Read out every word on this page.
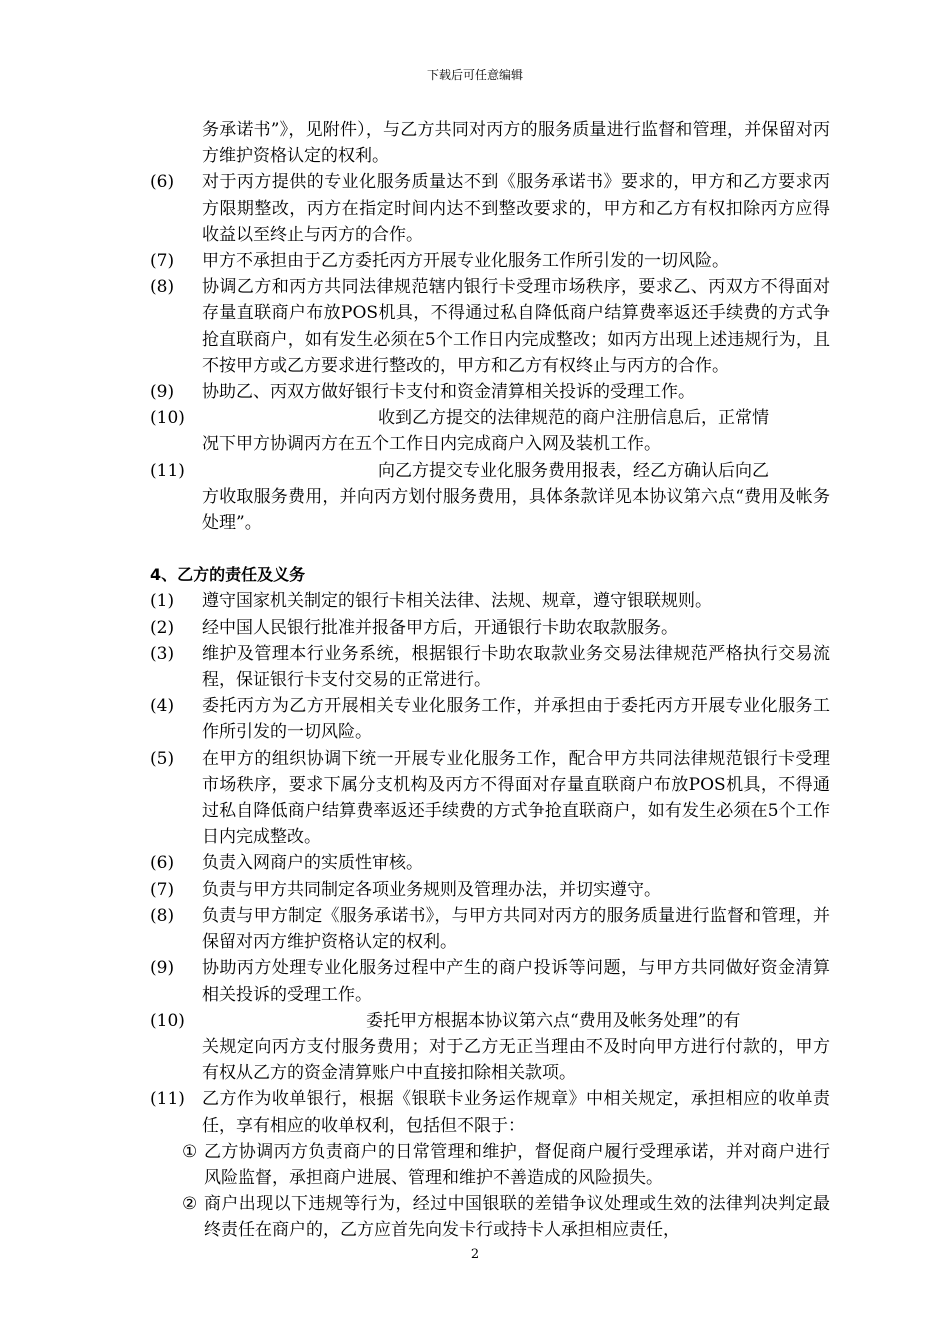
下载后可任意编辑
务承诺书”》，见附件），与乙方共同对丙方的服务质量进行监督和管理，并保留对丙方维护资格认定的权利。
(6)	对于丙方提供的专业化服务质量达不到《服务承诺书》要求的，甲方和乙方要求丙方限期整改，丙方在指定时间内达不到整改要求的，甲方和乙方有权扣除丙方应得收益以至终止与丙方的合作。
(7)	甲方不承担由于乙方委托丙方开展专业化服务工作所引发的一切风险。
(8)	协调乙方和丙方共同法律规范辖内银行卡受理市场秩序，要求乙、丙双方不得面对存量直联商户布放POS机具，不得通过私自降低商户结算费率返还手续费的方式争抢直联商户，如有发生必须在5个工作日内完成整改；如丙方出现上述违规行为，且不按甲方或乙方要求进行整改的，甲方和乙方有权终止与丙方的合作。
(9)	协助乙、丙双方做好银行卡支付和资金清算相关投诉的受理工作。
(10)	收到乙方提交的法律规范的商户注册信息后，正常情
况下甲方协调丙方在五个工作日内完成商户入网及装机工作。
(11)	向乙方提交专业化服务费用报表，经乙方确认后向乙
方收取服务费用，并向丙方划付服务费用，具体条款详见本协议第六点“费用及帐务处理”。
4、乙方的责任及义务
(1)	遵守国家机关制定的银行卡相关法律、法规、规章，遵守银联规则。
(2)	经中国人民银行批准并报备甲方后，开通银行卡助农取款服务。
(3)	维护及管理本行业务系统，根据银行卡助农取款业务交易法律规范严格执行交易流程，保证银行卡支付交易的正常进行。
(4)	委托丙方为乙方开展相关专业化服务工作，并承担由于委托丙方开展专业化服务工作所引发的一切风险。
(5)	在甲方的组织协调下统一开展专业化服务工作，配合甲方共同法律规范银行卡受理市场秩序，要求下属分支机构及丙方不得面对存量直联商户布放POS机具，不得通过私自降低商户结算费率返还手续费的方式争抢直联商户，如有发生必须在5个工作日内完成整改。
(6)	负责入网商户的实质性审核。
(7)	负责与甲方共同制定各项业务规则及管理办法，并切实遵守。
(8)	负责与甲方制定《服务承诺书》，与甲方共同对丙方的服务质量进行监督和管理，并保留对丙方维护资格认定的权利。
(9)	协助丙方处理专业化服务过程中产生的商户投诉等问题，与甲方共同做好资金清算相关投诉的受理工作。
(10)	委托甲方根据本协议第六点“费用及帐务处理”的有
关规定向丙方支付服务费用；对于乙方无正当理由不及时向甲方进行付款的，甲方有权从乙方的资金清算账户中直接扣除相关款项。
(11)	乙方作为收单银行，根据《银联卡业务运作规章》中相关规定，承担相应的收单责任，享有相应的收单权利，包括但不限于：
① 乙方协调丙方负责商户的日常管理和维护，督促商户履行受理承诺，并对商户进行风险监督，承担商户进展、管理和维护不善造成的风险损失。
② 商户出现以下违规等行为，经过中国银联的差错争议处理或生效的法律判决判定最终责任在商户的，乙方应首先向发卡行或持卡人承担相应责任，
2
